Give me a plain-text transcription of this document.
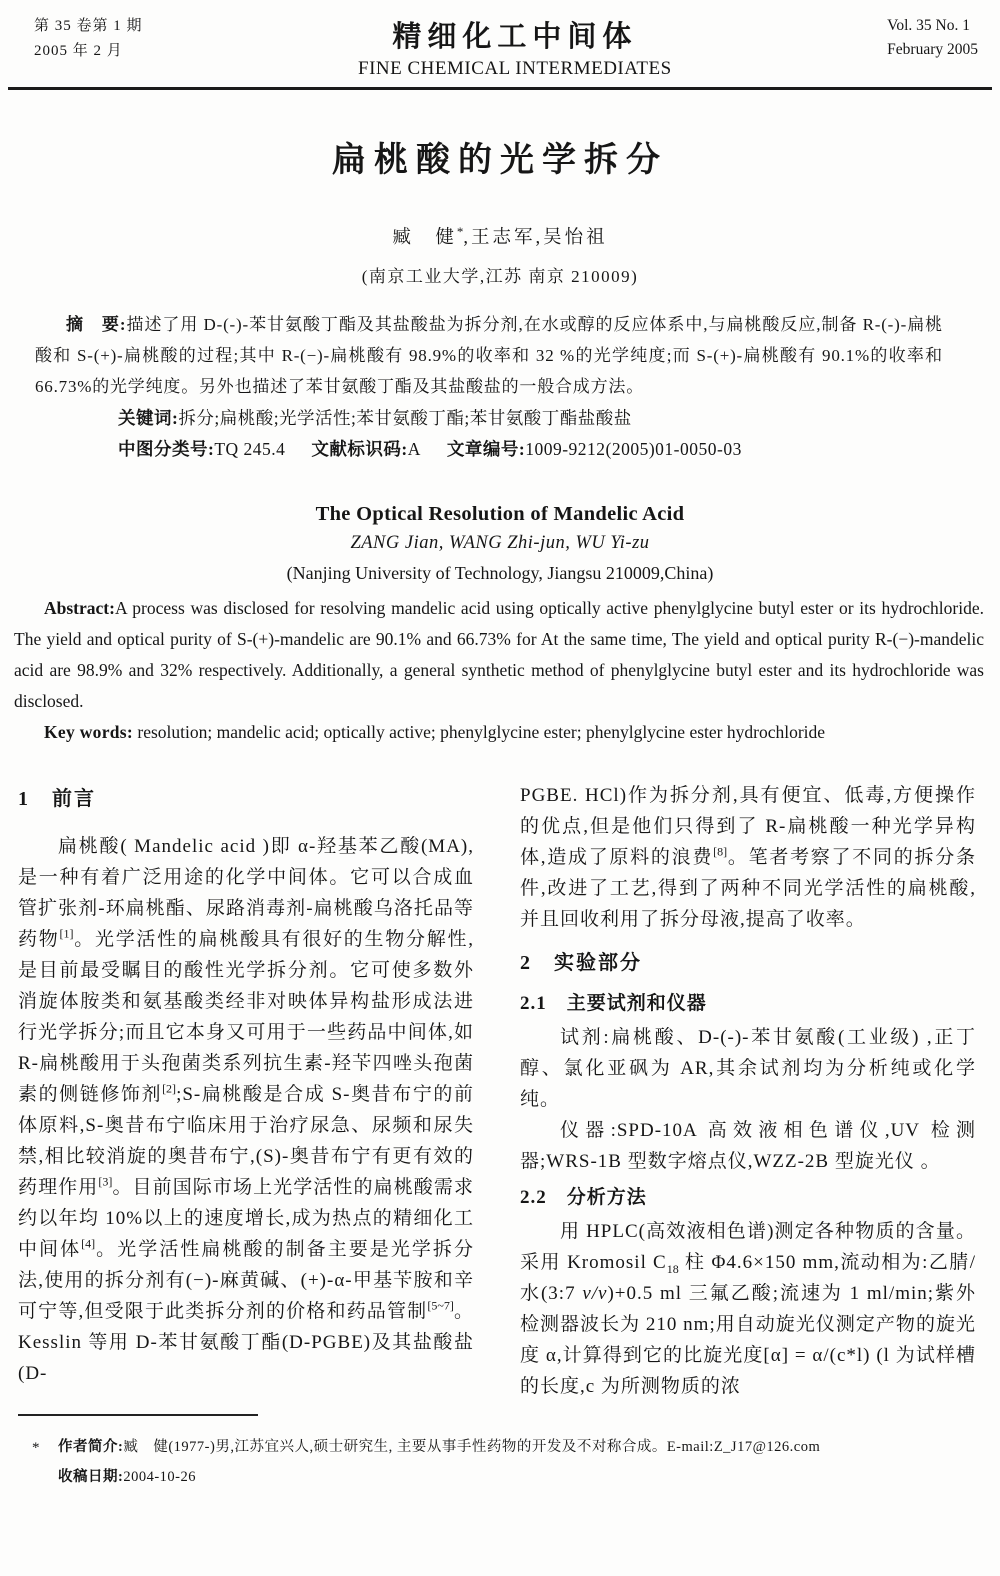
第 35 卷第 1 期
2005 年 2 月	精细化工中间体
FINE CHEMICAL INTERMEDIATES
Vol. 35 No. 1
February 2005
扁桃酸的光学拆分
臧　健*,王志军,吴怡祖
(南京工业大学,江苏 南京 210009)

摘　要:描述了用 D-(-)-苯甘氨酸丁酯及其盐酸盐为拆分剂,在水或醇的反应体系中,与扁桃酸反应,制备 R-(-)-扁桃酸和 S-(+)-扁桃酸的过程;其中 R-(−)-扁桃酸有 98.9%的收率和 32 %的光学纯度;而 S-(+)-扁桃酸有 90.1%的收率和 66.73%的光学纯度。另外也描述了苯甘氨酸丁酯及其盐酸盐的一般合成方法。

关键词:拆分;扁桃酸;光学活性;苯甘氨酸丁酯;苯甘氨酸丁酯盐酸盐

中图分类号:TQ 245.4 文献标识码:A 文章编号:1009-9212(2005)01-0050-03

The Optical Resolution of Mandelic Acid
ZANG Jian, WANG Zhi-jun, WU Yi-zu
(Nanjing University of Technology, Jiangsu 210009,China)

Abstract:A process was disclosed for resolving mandelic acid using optically active phenylglycine butyl ester or its hydrochloride. The yield and optical purity of S-(+)-mandelic are 90.1% and 66.73% for At the same time, The yield and optical purity R-(−)-mandelic acid are 98.9% and 32% respectively. Additionally, a general synthetic method of phenylglycine butyl ester and its hydrochloride was disclosed.

Key words: resolution; mandelic acid; optically active; phenylglycine ester; phenylglycine ester hydrochloride

1　前言

扁桃酸( Mandelic acid )即 α-羟基苯乙酸(MA),是一种有着广泛用途的化学中间体。它可以合成血管扩张剂-环扁桃酯、尿路消毒剂-扁桃酸乌洛托品等药物[1]。光学活性的扁桃酸具有很好的生物分解性,是目前最受瞩目的酸性光学拆分剂。它可使多数外消旋体胺类和氨基酸类经非对映体异构盐形成法进行光学拆分;而且它本身又可用于一些药品中间体,如 R-扁桃酸用于头孢菌类系列抗生素-羟苄四唑头孢菌素的侧链修饰剂[2];S-扁桃酸是合成 S-奥昔布宁的前体原料,S-奥昔布宁临床用于治疗尿急、尿频和尿失禁,相比较消旋的奥昔布宁,(S)-奥昔布宁有更有效的药理作用[3]。目前国际市场上光学活性的扁桃酸需求约以年均 10%以上的速度增长,成为热点的精细化工中间体[4]。光学活性扁桃酸的制备主要是光学拆分法,使用的拆分剂有(−)-麻黄碱、(+)-α-甲基苄胺和辛可宁等,但受限于此类拆分剂的价格和药品管制[5~7]。Kesslin 等用 D-苯甘氨酸丁酯(D-PGBE)及其盐酸盐(D-

PGBE. HCl)作为拆分剂,具有便宜、低毒,方便操作的优点,但是他们只得到了 R-扁桃酸一种光学异构体,造成了原料的浪费[8]。笔者考察了不同的拆分条件,改进了工艺,得到了两种不同光学活性的扁桃酸,并且回收利用了拆分母液,提高了收率。

2　实验部分
2.1　主要试剂和仪器

试剂:扁桃酸、D-(-)-苯甘氨酸(工业级) ,正丁醇、氯化亚砜为 AR,其余试剂均为分析纯或化学纯。

仪器:SPD-10A 高效液相色谱仪,UV 检测器;WRS-1B 型数字熔点仪,WZZ-2B 型旋光仪 。

2.2　分析方法

用 HPLC(高效液相色谱)测定各种物质的含量。采用 Kromosil $C_{18}$ 柱 Φ4.6×150 mm,流动相为:乙腈/水(3:7 v/v)+0.5 ml 三氟乙酸;流速为 1 ml/min;紫外检测器波长为 210 nm;用自动旋光仪测定产物的旋光度 α,计算得到它的比旋光度[α] = α/(c*l) (l 为试样槽的长度,c 为所测物质的浓

* 作者简介:臧　健(1977-)男,江苏宜兴人,硕士研究生, 主要从事手性药物的开发及不对称合成。E-mail:Z_J17@126.com
收稿日期:2004-10-26
